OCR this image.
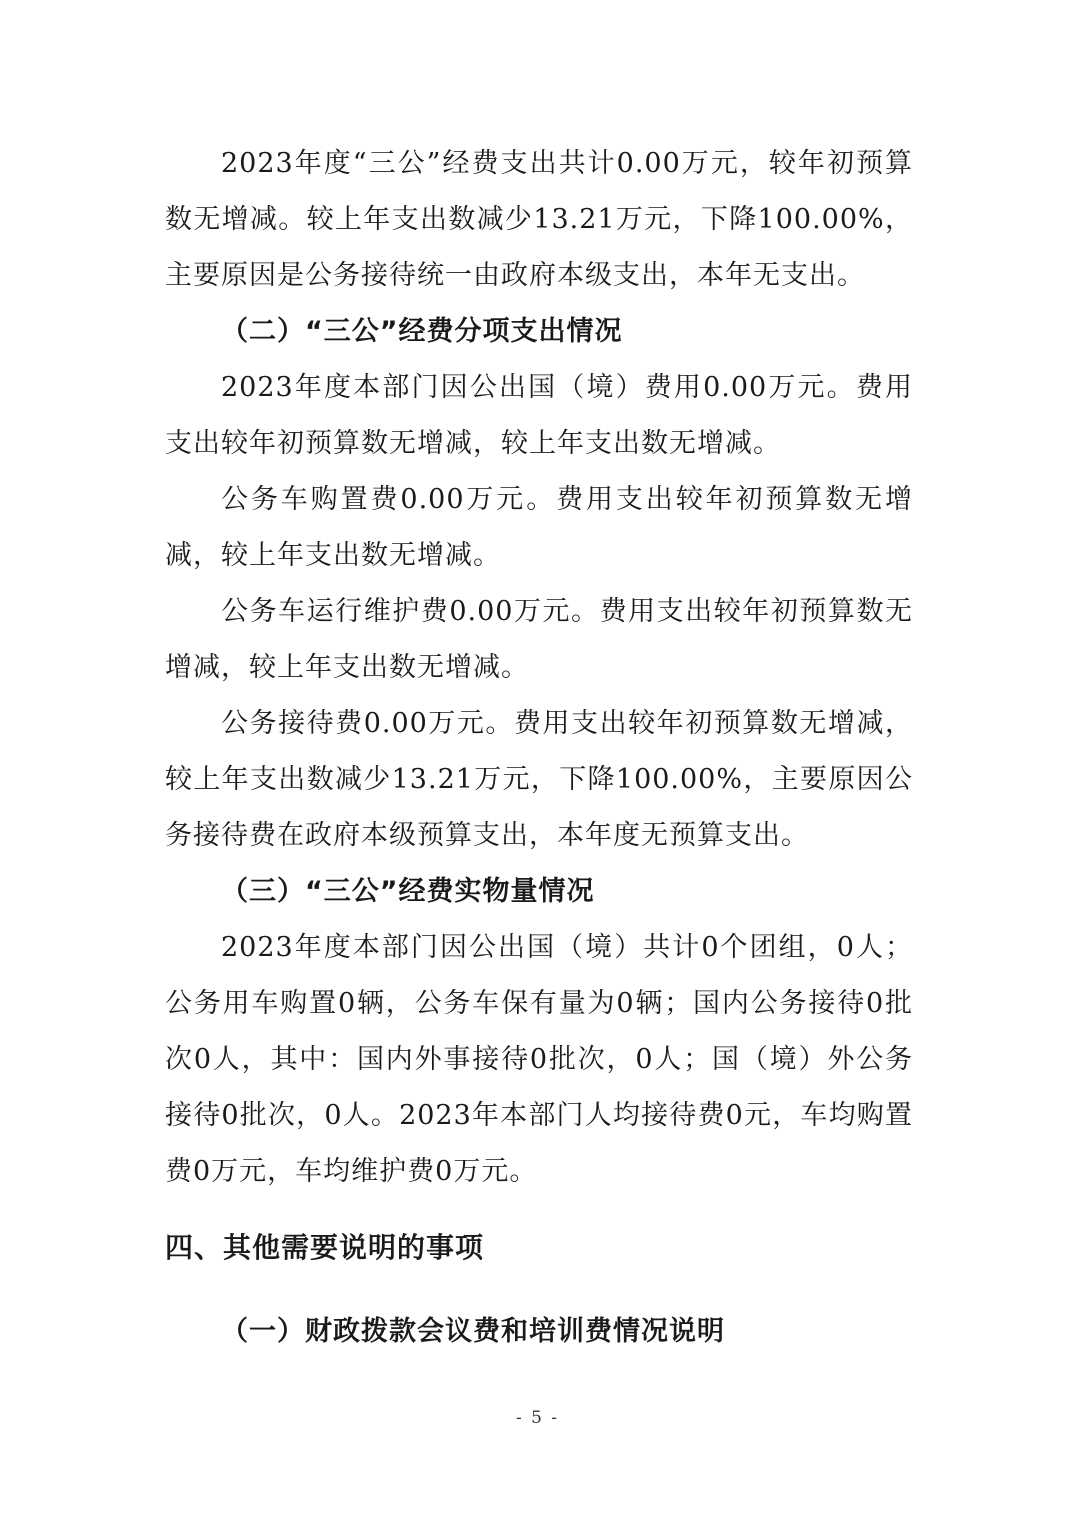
2023年度“三公”经费支出共计0.00万元，较年初预算数无增减。较上年支出数减少13.21万元，下降100.00%，主要原因是公务接待统一由政府本级支出，本年无支出。

（二）“三公”经费分项支出情况

2023年度本部门因公出国（境）费用0.00万元。费用支出较年初预算数无增减，较上年支出数无增减。

公务车购置费0.00万元。费用支出较年初预算数无增减，较上年支出数无增减。

公务车运行维护费0.00万元。费用支出较年初预算数无增减，较上年支出数无增减。

公务接待费0.00万元。费用支出较年初预算数无增减，较上年支出数减少13.21万元，下降100.00%，主要原因公务接待费在政府本级预算支出，本年度无预算支出。

（三）“三公”经费实物量情况

2023年度本部门因公出国（境）共计0个团组，0人；公务用车购置0辆，公务车保有量为0辆；国内公务接待0批次0人，其中：国内外事接待0批次，0人；国（境）外公务接待0批次，0人。2023年本部门人均接待费0元，车均购置费0万元，车均维护费0万元。

四、其他需要说明的事项

（一）财政拨款会议费和培训费情况说明

- 5 -
